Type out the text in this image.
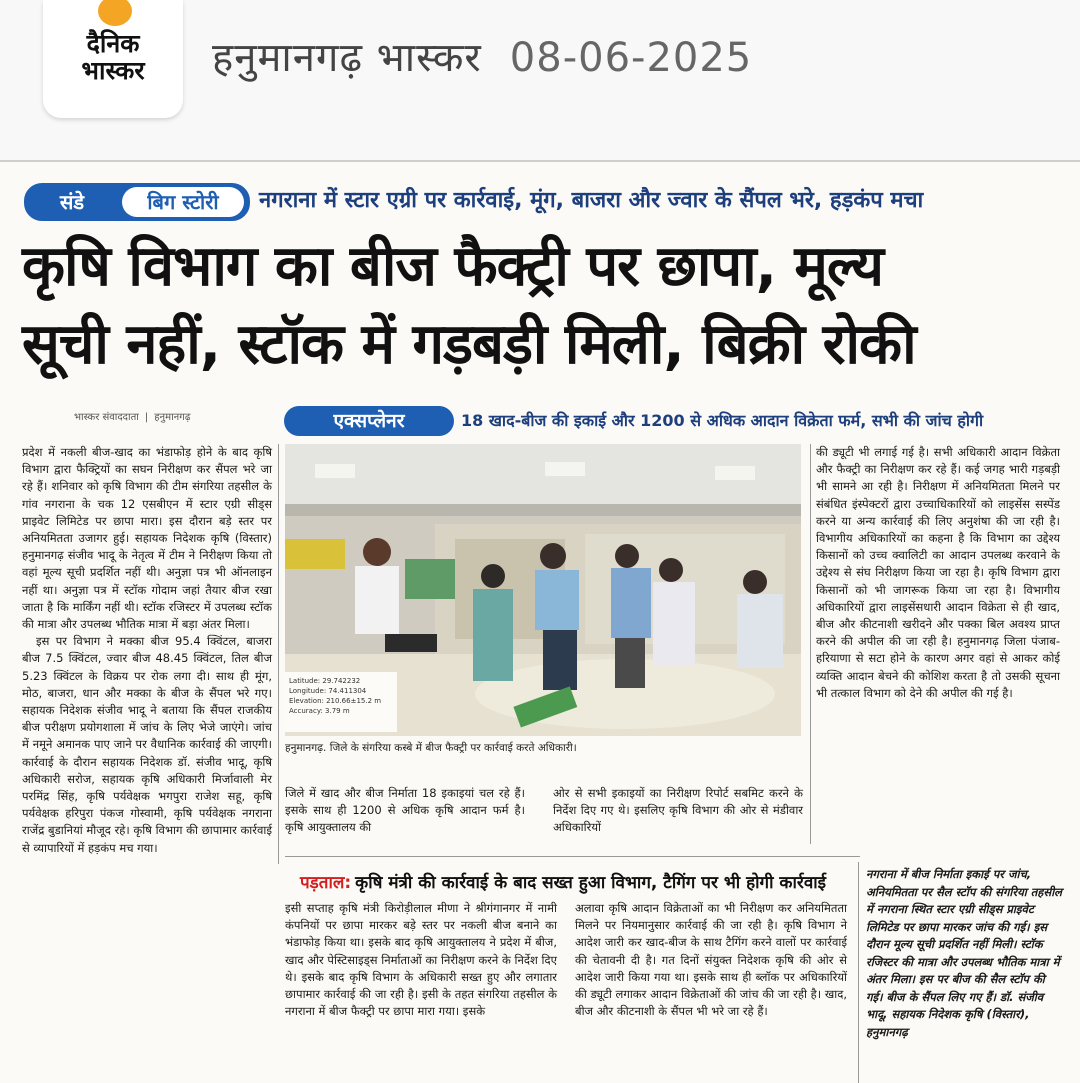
दैनिक भास्कर	हनुमानगढ़ भास्कर 08-06-2025
संडे	बिग स्टोरी	नगराना में स्टार एग्री पर कार्रवाई, मूंग, बाजरा और ज्वार के सैंपल भरे, हड़कंप मचा
कृषि विभाग का बीज फैक्ट्री पर छापा, मूल्य
सूची नहीं, स्टॉक में गड़बड़ी मिली, बिक्री रोकी
भास्कर संवाददाता | हनुमानगढ़	एक्सप्लेनर	18 खाद-बीज की इकाई और 1200 से अधिक आदान विक्रेता फर्म, सभी की जांच होगी

प्रदेश में नकली बीज-खाद का भंडाफोड़ होने के बाद कृषि विभाग द्वारा फैक्ट्रियों का सघन निरीक्षण कर सैंपल भरे जा रहे हैं। शनिवार को कृषि विभाग की टीम संगरिया तहसील के गांव नगराना के चक 12 एसबीएन में स्टार एग्री सीड्स प्राइवेट लिमिटेड पर छापा मारा। इस दौरान बड़े स्तर पर अनियमितता उजागर हुई। सहायक निदेशक कृषि (विस्तार) हनुमानगढ़ संजीव भादू के नेतृत्व में टीम ने निरीक्षण किया तो वहां मूल्य सूची प्रदर्शित नहीं थी। अनुज्ञा पत्र भी ऑनलाइन नहीं था। अनुज्ञा पत्र में स्टॉक गोदाम जहां तैयार बीज रखा जाता है कि मार्किंग नहीं थी। स्टॉक रजिस्टर में उपलब्ध स्टॉक की मात्रा और उपलब्ध भौतिक मात्रा में बड़ा अंतर मिला।

इस पर विभाग ने मक्का बीज 95.4 क्विंटल, बाजरा बीज 7.5 क्विंटल, ज्वार बीज 48.45 क्विंटल, तिल बीज 5.23 क्विंटल के विक्रय पर रोक लगा दी। साथ ही मूंग, मोठ, बाजरा, धान और मक्का के बीज के सैंपल भरे गए। सहायक निदेशक संजीव भादू ने बताया कि सैंपल राजकीय बीज परीक्षण प्रयोगशाला में जांच के लिए भेजे जाएंगे। जांच में नमूने अमानक पाए जाने पर वैधानिक कार्रवाई की जाएगी। कार्रवाई के दौरान सहायक निदेशक डॉ. संजीव भादू, कृषि अधिकारी सरोज, सहायक कृषि अधिकारी मिर्जावाली मेर परमिंद्र सिंह, कृषि पर्यवेक्षक भगपुरा राजेश सहू, कृषि पर्यवेक्षक हरिपुरा पंकज गोस्वामी, कृषि पर्यवेक्षक नगराना राजेंद्र बुडानियां मौजूद रहे। कृषि विभाग की छापामार कार्रवाई से व्यापारियों में हड़कंप मच गया।

Latitude: 29.742232 Longitude: 74.411304 Elevation: 210.66±15.2 m Accuracy: 3.79 m
हनुमानगढ़. जिले के संगरिया कस्बे में बीज फैक्ट्री पर कार्रवाई करते अधिकारी।

जिले में खाद और बीज निर्माता 18 इकाइयां चल रहे हैं। इसके साथ ही 1200 से अधिक कृषि आदान फर्म है। कृषि आयुक्तालय की

ओर से सभी इकाइयों का निरीक्षण रिपोर्ट सबमिट करने के निर्देश दिए गए थे। इसलिए कृषि विभाग की ओर से मंडीवार अधिकारियों

की ड्यूटी भी लगाई गई है। सभी अधिकारी आदान विक्रेता और फैक्ट्री का निरीक्षण कर रहे हैं। कई जगह भारी गड़बड़ी भी सामने आ रही है। निरीक्षण में अनियमितता मिलने पर संबंधित इंस्पेक्टरों द्वारा उच्चाधिकारियों को लाइसेंस सस्पेंड करने या अन्य कार्रवाई की लिए अनुशंषा की जा रही है। विभागीय अधिकारियों का कहना है कि विभाग का उद्देश्य किसानों को उच्च क्वालिटी का आदान उपलब्ध करवाने के उद्देश्य से संघ निरीक्षण किया जा रहा है। कृषि विभाग द्वारा किसानों को भी जागरूक किया जा रहा है। विभागीय अधिकारियों द्वारा लाइसेंसधारी आदान विक्रेता से ही खाद, बीज और कीटनाशी खरीदने और पक्का बिल अवश्य प्राप्त करने की अपील की जा रही है। हनुमानगढ़ जिला पंजाब-हरियाणा से सटा होने के कारण अगर वहां से आकर कोई व्यक्ति आदान बेचने की कोशिश करता है तो उसकी सूचना भी तत्काल विभाग को देने की अपील की गई है।

पड़ताल: कृषि मंत्री की कार्रवाई के बाद सख्त हुआ विभाग, टैगिंग पर भी होगी कार्रवाई

इसी सप्ताह कृषि मंत्री किरोड़ीलाल मीणा ने श्रीगंगानगर में नामी कंपनियों पर छापा मारकर बड़े स्तर पर नकली बीज बनाने का भंडाफोड़ किया था। इसके बाद कृषि आयुक्तालय ने प्रदेश में बीज, खाद और पेस्टिसाइड्स निर्माताओं का निरीक्षण करने के निर्देश दिए थे। इसके बाद कृषि विभाग के अधिकारी सख्त हुए और लगातार छापामार कार्रवाई की जा रही है। इसी के तहत संगरिया तहसील के नगराना में बीज फैक्ट्री पर छापा मारा गया। इसके

अलावा कृषि आदान विक्रेताओं का भी निरीक्षण कर अनियमितता मिलने पर नियमानुसार कार्रवाई की जा रही है। कृषि विभाग ने आदेश जारी कर खाद-बीज के साथ टैगिंग करने वालों पर कार्रवाई की चेतावनी दी है। गत दिनों संयुक्त निदेशक कृषि की ओर से आदेश जारी किया गया था। इसके साथ ही ब्लॉक पर अधिकारियों की ड्यूटी लगाकर आदान विक्रेताओं की जांच की जा रही है। खाद, बीज और कीटनाशी के सैंपल भी भरे जा रहे हैं।

नगराना में बीज निर्माता इकाई पर जांच, अनियमितता पर सैल स्टॉप की संगरिया तहसील में नगराना स्थित स्टार एग्री सीड्स प्राइवेट लिमिटेड पर छापा मारकर जांच की गई। इस दौरान मूल्य सूची प्रदर्शित नहीं मिली। स्टॉक रजिस्टर की मात्रा और उपलब्ध भौतिक मात्रा में अंतर मिला। इस पर बीज की सैल स्टॉप की गई। बीज के सैंपल लिए गए हैं। डॉ. संजीव भादू, सहायक निदेशक कृषि (विस्तार), हनुमानगढ़
